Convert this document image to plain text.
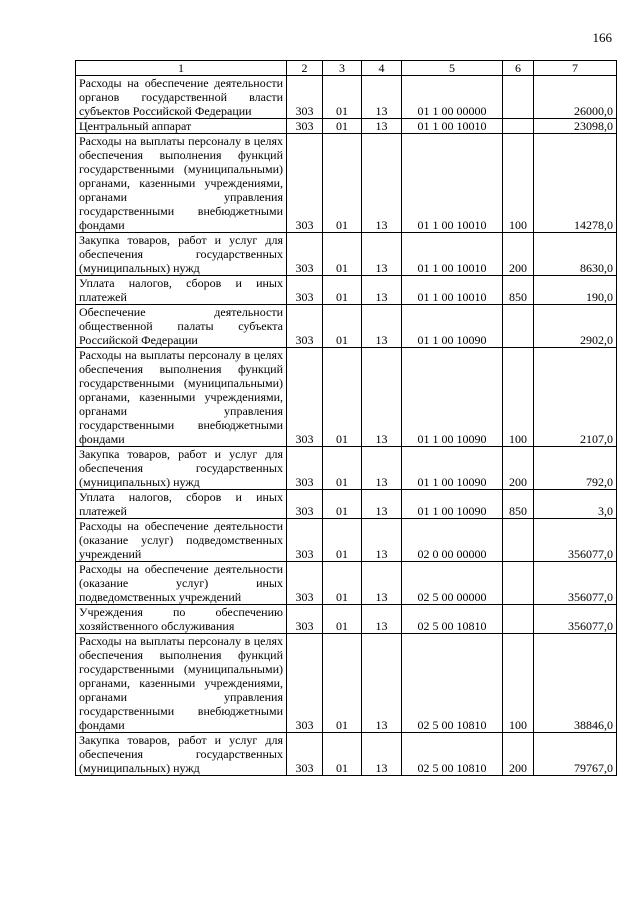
166
1	2	3	4	5	6	7
Расходы на обеспечение деятельности органов государственной власти субъектов Российской Федерации	303	01	13	01 1 00 00000		26000,0
Центральный аппарат	303	01	13	01 1 00 10010		23098,0
Расходы на выплаты персоналу в целях обеспечения выполнения функций государственными (муниципальными) органами, казенными учреждениями, органами управления государственными внебюджетными фондами	303	01	13	01 1 00 10010	100	14278,0
Закупка товаров, работ и услуг для обеспечения государственных (муниципальных) нужд	303	01	13	01 1 00 10010	200	8630,0
Уплата налогов, сборов и иных платежей	303	01	13	01 1 00 10010	850	190,0
Обеспечение деятельности общественной палаты субъекта Российской Федерации	303	01	13	01 1 00 10090		2902,0
Расходы на выплаты персоналу в целях обеспечения выполнения функций государственными (муниципальными) органами, казенными учреждениями, органами управления государственными внебюджетными фондами	303	01	13	01 1 00 10090	100	2107,0
Закупка товаров, работ и услуг для обеспечения государственных (муниципальных) нужд	303	01	13	01 1 00 10090	200	792,0
Уплата налогов, сборов и иных платежей	303	01	13	01 1 00 10090	850	3,0
Расходы на обеспечение деятельности (оказание услуг) подведомственных учреждений	303	01	13	02 0 00 00000		356077,0
Расходы на обеспечение деятельности (оказание услуг) иных подведомственных учреждений	303	01	13	02 5 00 00000		356077,0
Учреждения по обеспечению хозяйственного обслуживания	303	01	13	02 5 00 10810		356077,0
Расходы на выплаты персоналу в целях обеспечения выполнения функций государственными (муниципальными) органами, казенными учреждениями, органами управления государственными внебюджетными фондами	303	01	13	02 5 00 10810	100	38846,0
Закупка товаров, работ и услуг для обеспечения государственных (муниципальных) нужд	303	01	13	02 5 00 10810	200	79767,0
